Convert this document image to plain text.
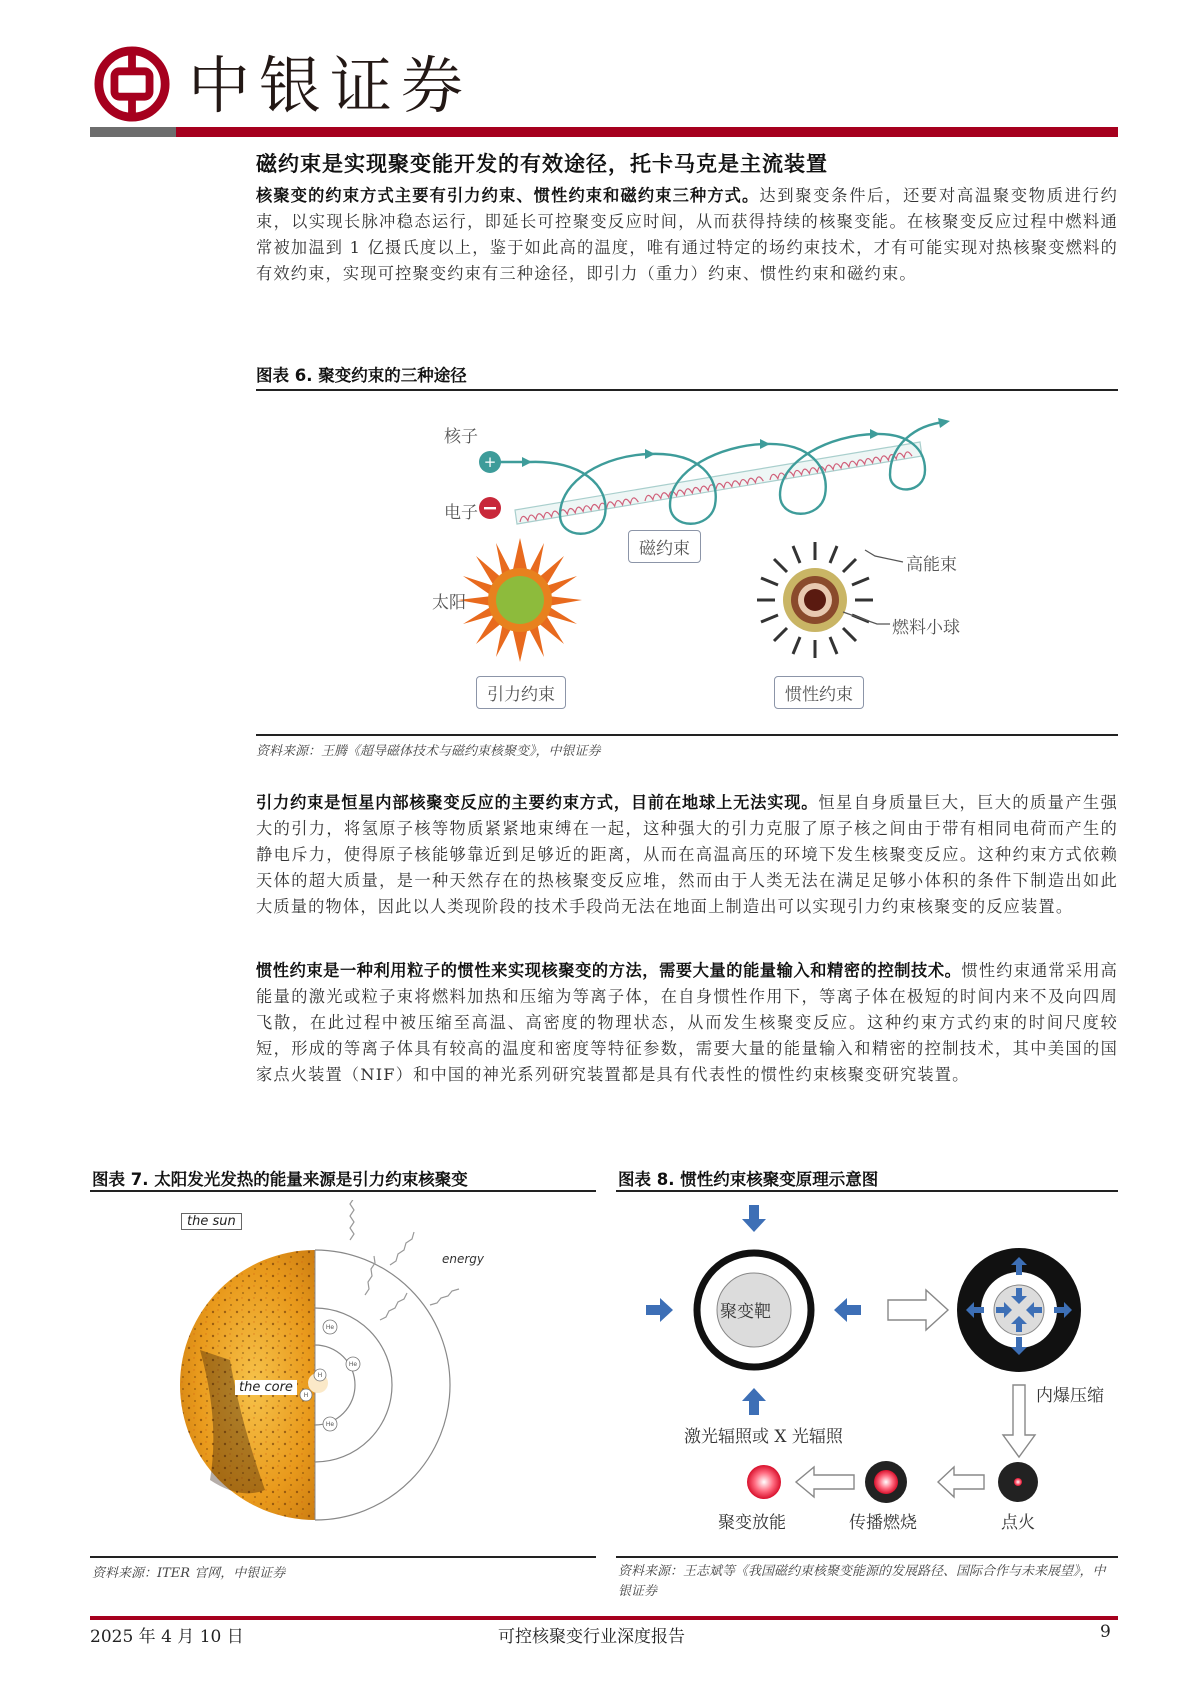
中银证券
磁约束是实现聚变能开发的有效途径，托卡马克是主流装置

核聚变的约束方式主要有引力约束、惯性约束和磁约束三种方式。达到聚变条件后，还要对高温聚变物质进行约束，以实现长脉冲稳态运行，即延长可控聚变反应时间，从而获得持续的核聚变能。在核聚变反应过程中燃料通常被加温到 1 亿摄氏度以上，鉴于如此高的温度，唯有通过特定的场约束技术，才有可能实现对热核聚变燃料的有效约束，实现可控聚变约束有三种途径，即引力（重力）约束、惯性约束和磁约束。

图表 6. 聚变约束的三种途径
+
核子
电子
磁约束
太阳
引力约束
高能束
燃料小球
惯性约束
资料来源：王腾《超导磁体技术与磁约束核聚变》，中银证券

引力约束是恒星内部核聚变反应的主要约束方式，目前在地球上无法实现。恒星自身质量巨大，巨大的质量产生强大的引力，将氢原子核等物质紧紧地束缚在一起，这种强大的引力克服了原子核之间由于带有相同电荷而产生的静电斥力，使得原子核能够靠近到足够近的距离，从而在高温高压的环境下发生核聚变反应。这种约束方式依赖天体的超大质量，是一种天然存在的热核聚变反应堆，然而由于人类无法在满足足够小体积的条件下制造出如此大质量的物体，因此以人类现阶段的技术手段尚无法在地面上制造出可以实现引力约束核聚变的反应装置。

惯性约束是一种利用粒子的惯性来实现核聚变的方法，需要大量的能量输入和精密的控制技术。惯性约束通常采用高能量的激光或粒子束将燃料加热和压缩为等离子体，在自身惯性作用下，等离子体在极短的时间内来不及向四周飞散，在此过程中被压缩至高温、高密度的物理状态，从而发生核聚变反应。这种约束方式约束的时间尺度较短，形成的等离子体具有较高的温度和密度等特征参数，需要大量的能量输入和精密的控制技术，其中美国的国家点火装置（NIF）和中国的神光系列研究装置都是具有代表性的惯性约束核聚变研究装置。

图表 7. 太阳发光发热的能量来源是引力约束核聚变
He
He
He
H
H
the sun
energy
the core
资料来源：ITER 官网，中银证券
图表 8. 惯性约束核聚变原理示意图
聚变靶
激光辐照或 X 光辐照
内爆压缩
点火
传播燃烧
聚变放能
资料来源：王志斌等《我国磁约束核聚变能源的发展路径、国际合作与未来展望》，中银证券
2025 年 4 月 10 日	可控核聚变行业深度报告	9
